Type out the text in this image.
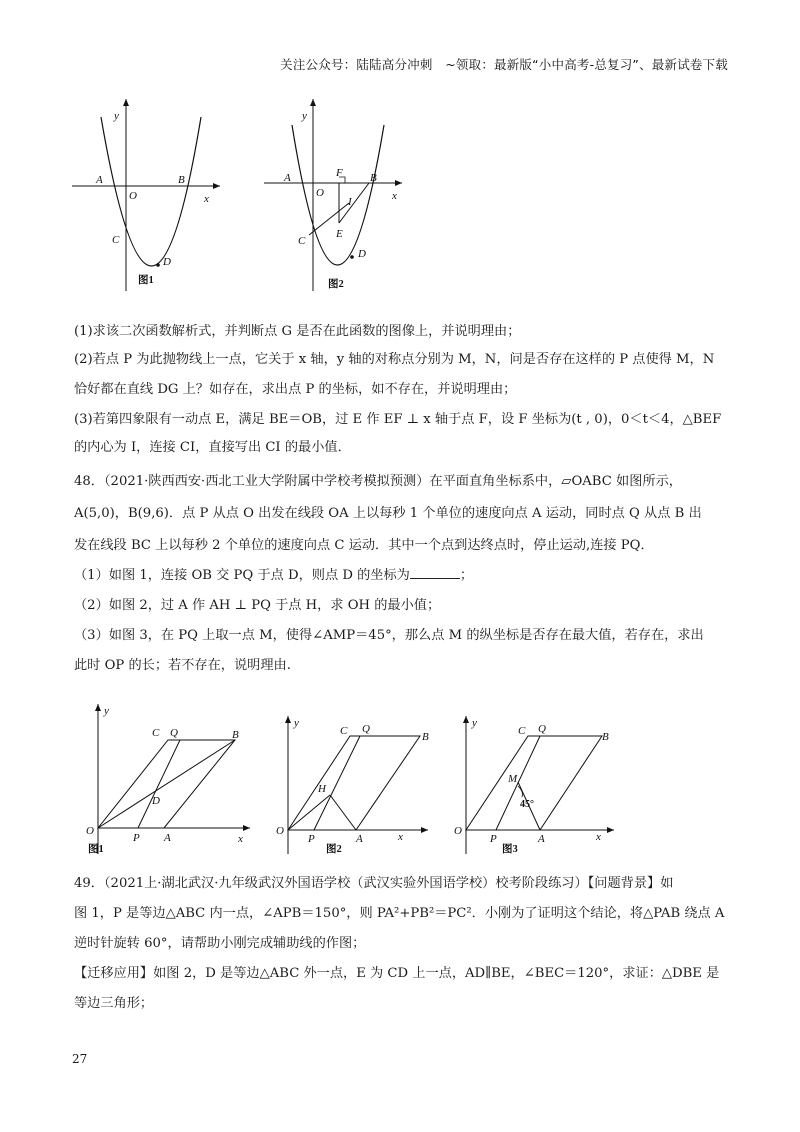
关注公众号：陆陆高分冲刺　~领取：最新版“小中高考-总复习”、最新试卷下载
y
x
A
O
B
C
D
图1
y
x
A
O
F B
I
C
E
D
图2
(1)求该二次函数解析式，并判断点 G 是否在此函数的图像上，并说明理由；
(2)若点 P 为此抛物线上一点，它关于 x 轴，y 轴的对称点分别为 M，N，问是否存在这样的 P 点使得 M，N
恰好都在直线 DG 上？如存在，求出点 P 的坐标，如不存在，并说明理由；
(3)若第四象限有一动点 E，满足 BE＝OB，过 E 作 EF ⊥ x 轴于点 F，设 F 坐标为(t , 0)，0＜t＜4，△BEF
的内心为 I，连接 CI，直接写出 CI 的最小值．
48．（2021·陕西西安·西北工业大学附属中学校考模拟预测）在平面直角坐标系中，▱OABC 如图所示，
A(5,0)，B(9,6)．点 P 从点 O 出发在线段 OA 上以每秒 1 个单位的速度向点 A 运动，同时点 Q 从点 B 出
发在线段 BC 上以每秒 2 个单位的速度向点 C 运动．其中一个点到达终点时，停止运动,连接 PQ．
（1）如图 1，连接 OB 交 PQ 于点 D，则点 D 的坐标为	；
（2）如图 2，过 A 作 AH ⊥ PQ 于点 H，求 OH 的最小值；
（3）如图 3，在 PQ 上取一点 M，使得∠AMP＝45°，那么点 M 的纵坐标是否存在最大值，若存在，求出
此时 OP 的长；若不存在，说明理由.
y
x
O
P A
C Q	B
D
图1
y
x
O
P	A
C Q
B
H
图2
y
x
O
P	A
C Q
B
M
45°
图3
49．（2021上·湖北武汉·九年级武汉外国语学校（武汉实验外国语学校）校考阶段练习）【问题背景】如
图 1，P 是等边△ABC 内一点，∠APB＝150°，则 PA²+PB²＝PC²．小刚为了证明这个结论，将△PAB 绕点 A
逆时针旋转 60°，请帮助小刚完成辅助线的作图；
【迁移应用】如图 2，D 是等边△ABC 外一点，E 为 CD 上一点，AD∥BE，∠BEC＝120°，求证：△DBE 是
等边三角形；
27
